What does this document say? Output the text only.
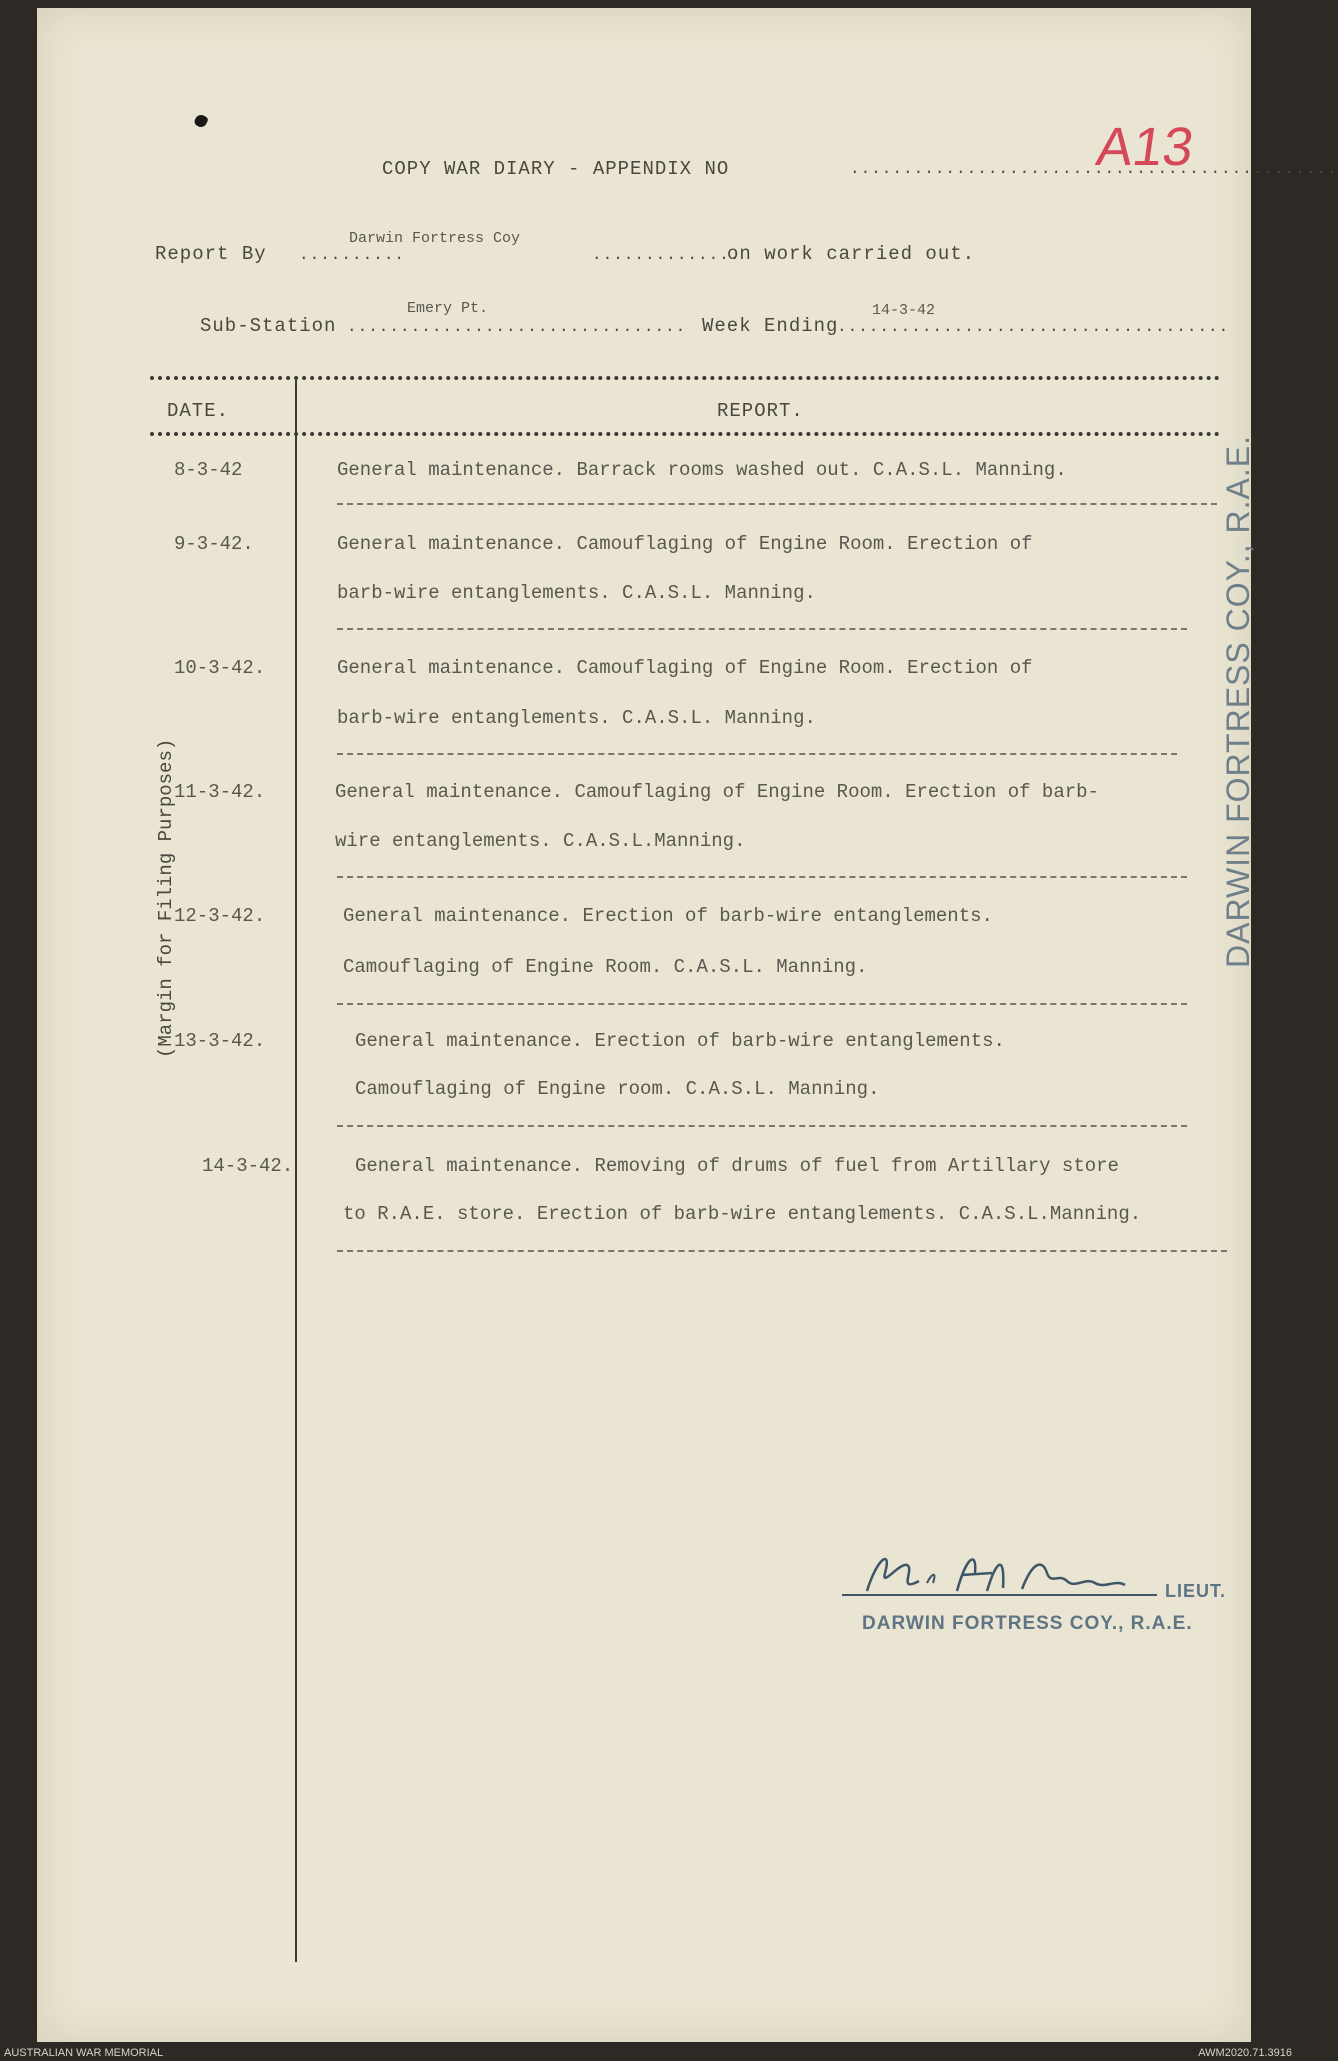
COPY WAR DIARY - APPENDIX NO	..............................................
A13
Report By ..........
Darwin Fortress Coy
..............
on work carried out.
Sub-Station ................................
Emery Pt.
Week Ending
.....................................
14-3-42
DATE.	REPORT.
8-3-42	General maintenance. Barrack rooms washed out. C.A.S.L. Manning.
9-3-42.	General maintenance. Camouflaging of Engine Room. Erection of
barb-wire entanglements. C.A.S.L. Manning.
10-3-42.	General maintenance. Camouflaging of Engine Room. Erection of
barb-wire entanglements. C.A.S.L. Manning.
11-3-42.	General maintenance. Camouflaging of Engine Room. Erection of barb-
wire entanglements. C.A.S.L.Manning.
12-3-42.	General maintenance. Erection of barb-wire entanglements.
Camouflaging of Engine Room. C.A.S.L. Manning.
13-3-42.	General maintenance. Erection of barb-wire entanglements.
Camouflaging of Engine room. C.A.S.L. Manning.
14-3-42.	General maintenance. Removing of drums of fuel from Artillary store
to R.A.E. store. Erection of barb-wire entanglements. C.A.S.L.Manning.
(Margin for Filing Purposes)	DARWIN FORTRESS COY., R.A.E.
LIEUT.
DARWIN FORTRESS COY., R.A.E.
AUSTRALIAN WAR MEMORIAL	AWM2020.71.3916
